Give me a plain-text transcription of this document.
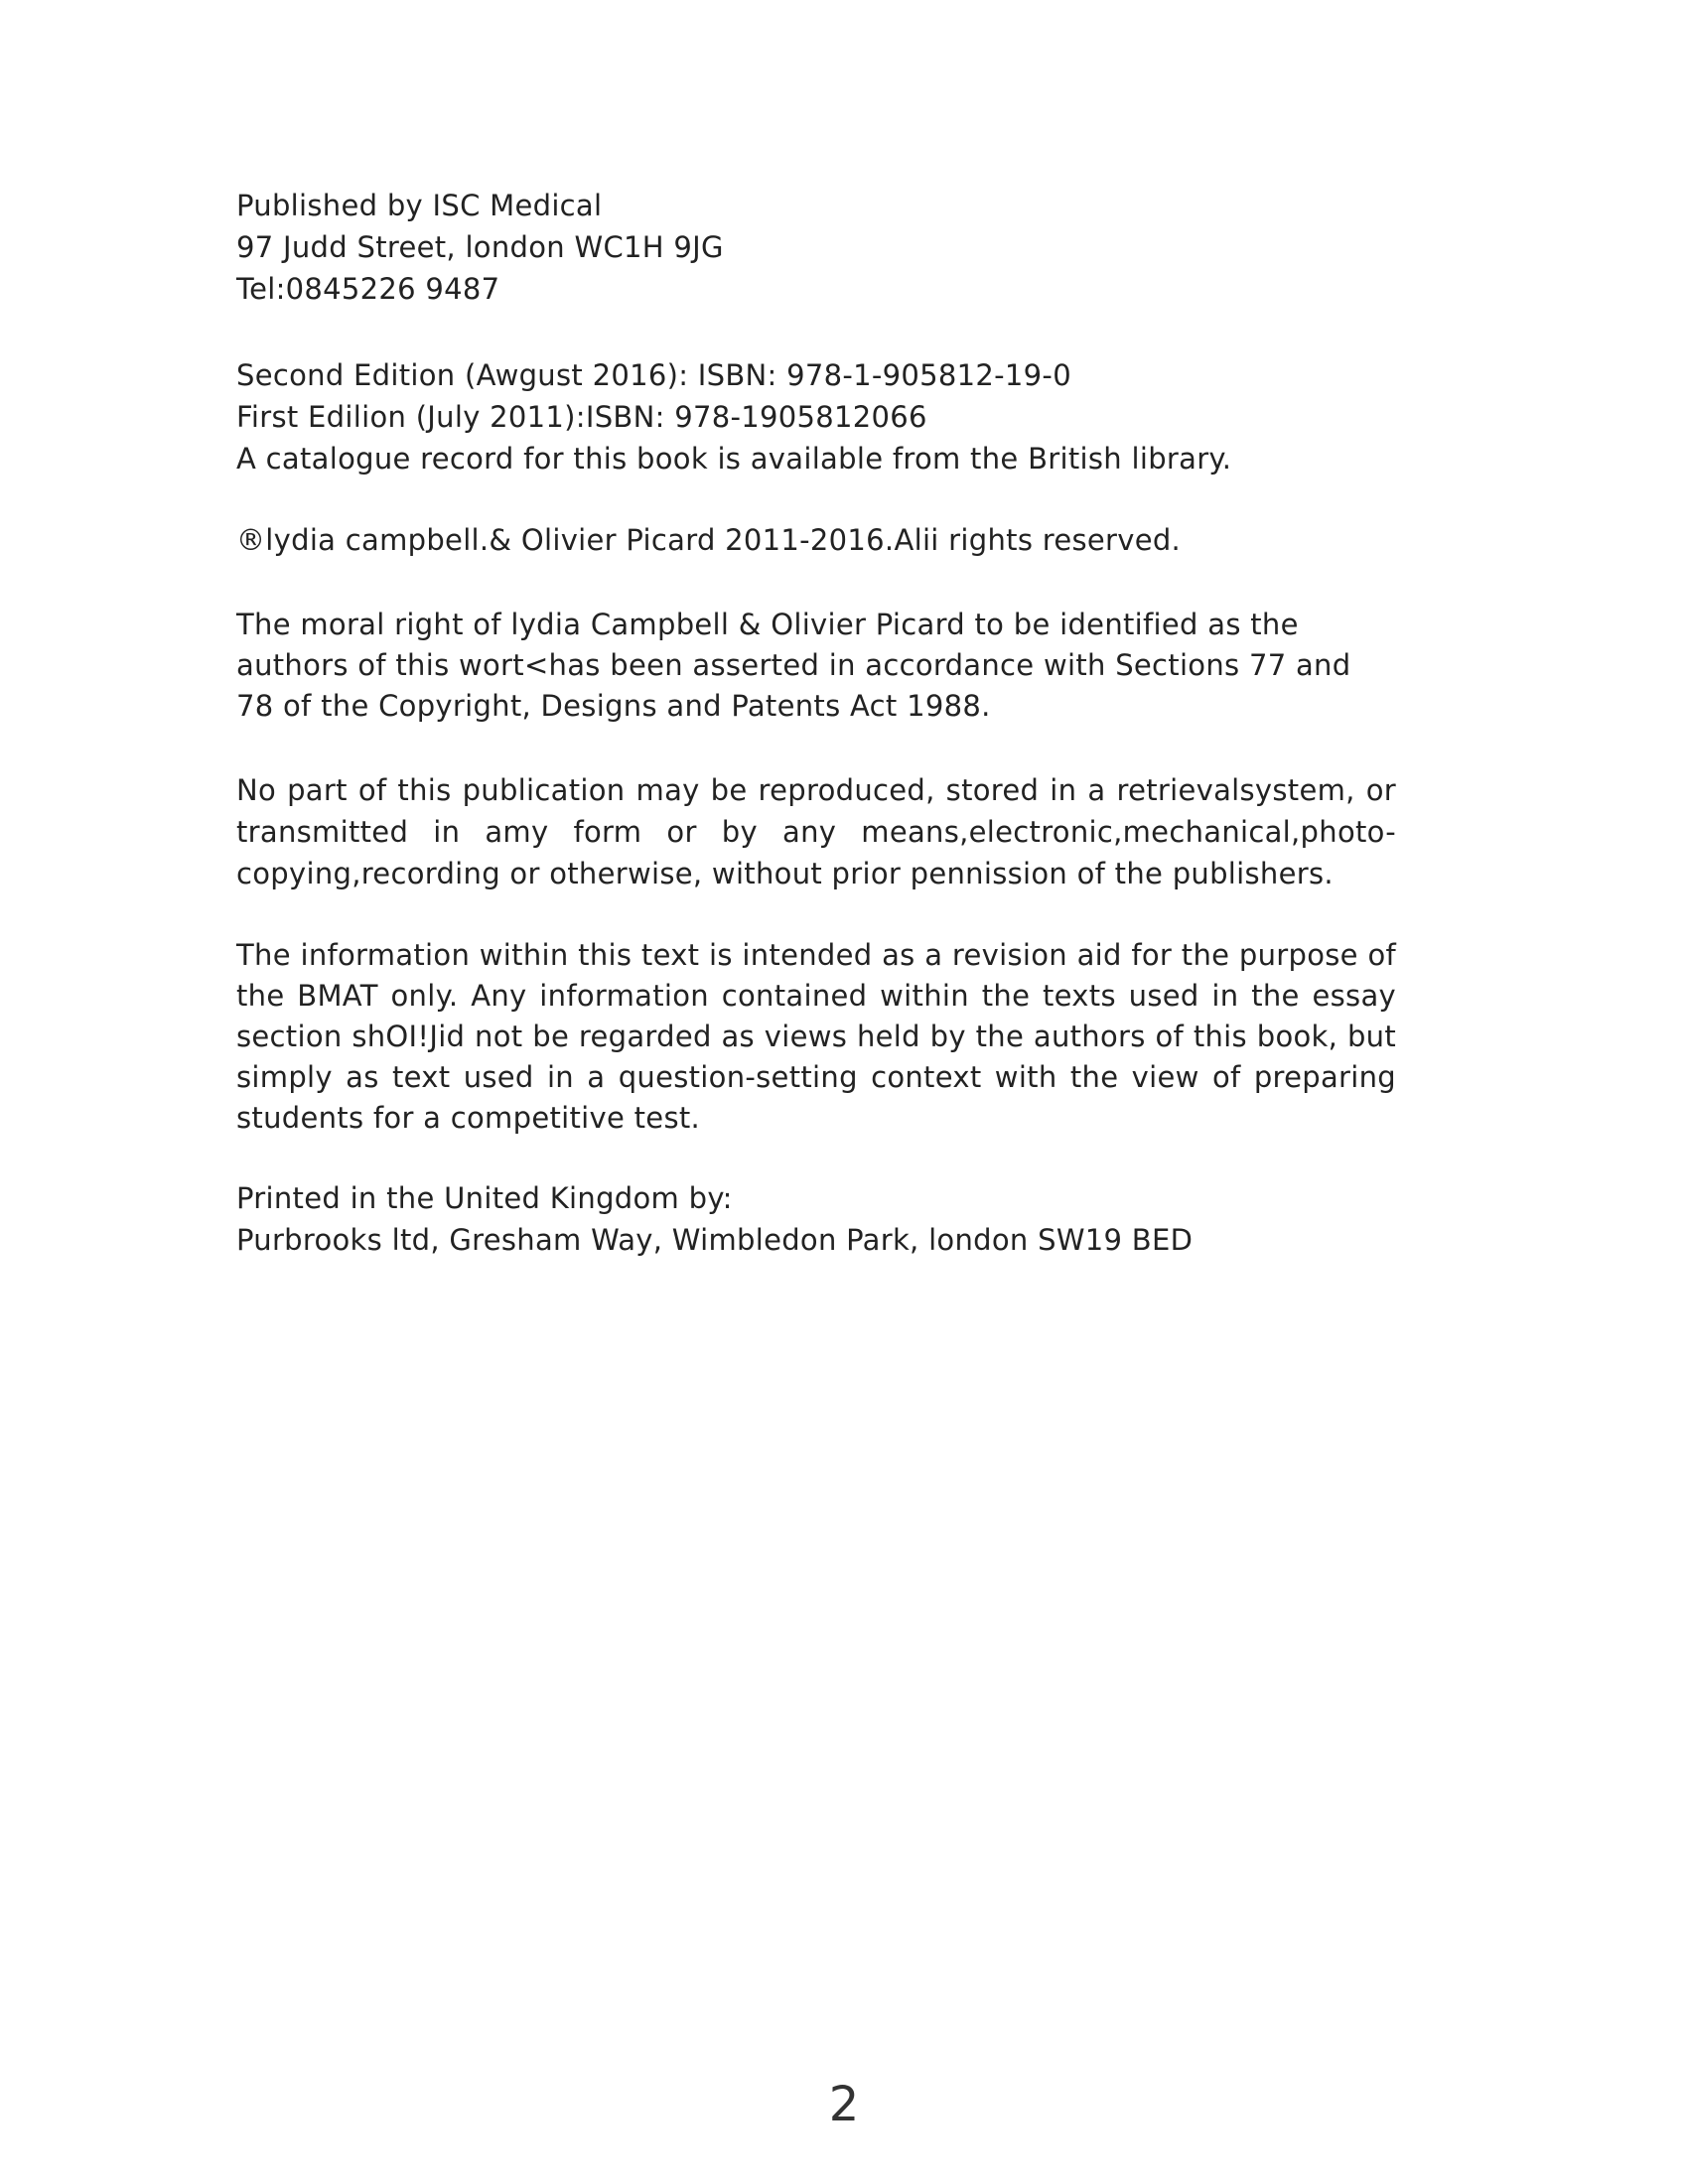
Published by ISC Medical
97 Judd Street, london WC1H 9JG
Tel:0845226 9487
Second Edition (Awgust 2016): ISBN: 978-1-905812-19-0
First Edilion (July 2011):ISBN: 978-1905812066
A catalogue record for this book is available from the British library.
®lydia campbell.& Olivier Picard 2011-2016.Alii rights reserved.
The moral right of lydia Campbell & Olivier Picard to be identified as the
authors of this wort<has been asserted in accordance with Sections 77 and
78 of the Copyright, Designs and Patents Act 1988.
No part of this publication may be reproduced, stored in a retrievalsystem, or
transmitted in amy form or by any means,electronic,mechanical,photo-
copying,recording or otherwise, without prior pennission of the publishers.
The information within this text is intended as a revision aid for the purpose of
the BMAT only. Any information contained within the texts used in the essay
section shOI!Jid not be regarded as views held by the authors of this book, but
simply as text used in a question-setting context with the view of preparing
students for a competitive test.
Printed in the United Kingdom by:
Purbrooks ltd, Gresham Way, Wimbledon Park, london SW19 BED
2
